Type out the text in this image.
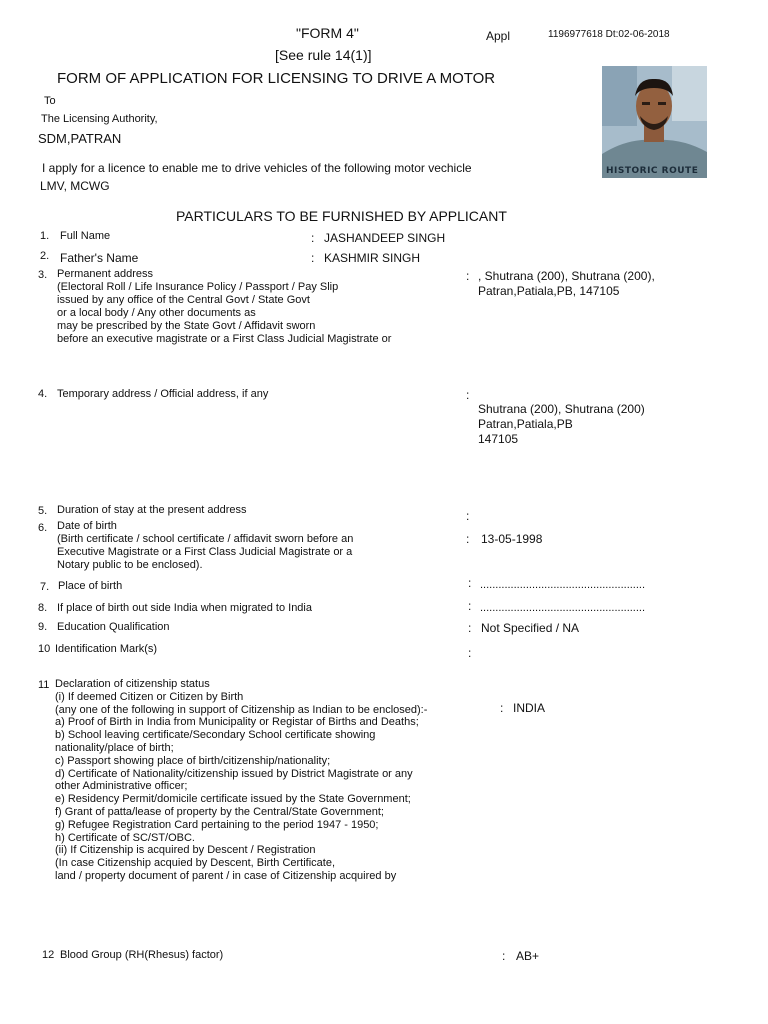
"FORM 4"
[See rule 14(1)]
Appl	1196977618 Dt:02-06-2018
FORM OF APPLICATION FOR LICENSING TO DRIVE A MOTOR
HISTORIC ROUTE
To
The Licensing Authority,
SDM,PATRAN
I apply for a licence to enable me to drive vehicles of the following motor vechicle
LMV, MCWG
PARTICULARS TO BE FURNISHED BY APPLICANT
1. Full Name	: JASHANDEEP SINGH
2. Father's Name	: KASHMIR SINGH
3. Permanent address
(Electoral Roll / Life Insurance Policy / Passport / Pay Slip
issued by any office of the Central Govt / State Govt
or a local body / Any other documents as
may be prescribed by the State Govt / Affidavit sworn
before an executive magistrate or a First Class Judicial Magistrate or
: , Shutrana (200), Shutrana (200),
Patran,Patiala,PB, 147105
4. Temporary address / Official address, if any	:
Shutrana (200), Shutrana (200)
Patran,Patiala,PB
147105
5. Duration of stay at the present address	:
6. Date of birth
(Birth certificate / school certificate / affidavit sworn before an
Executive Magistrate or a First Class Judicial Magistrate or a
Notary public to be enclosed).
: 13-05-1998
7. Place of birth	: ......................................................
8. If place of birth out side India when migrated to India	: ......................................................
9. Education Qualification	: Not Specified / NA
10 Identification Mark(s)	:
11 Declaration of citizenship status
(i) If deemed Citizen or Citizen by Birth
(any one of the following in support of Citizenship as Indian to be enclosed):-
a) Proof of Birth in India from Municipality or Registar of Births and Deaths;
b) School leaving certificate/Secondary School certificate showing
nationality/place of birth;
c) Passport showing place of birth/citizenship/nationality;
d) Certificate of Nationality/citizenship issued by District Magistrate or any
other Administrative officer;
e) Residency Permit/domicile certificate issued by the State Government;
f) Grant of patta/lease of property by the Central/State Government;
g) Refugee Registration Card pertaining to the period 1947 - 1950;
h) Certificate of SC/ST/OBC.
(ii) If Citizenship is acquired by Descent / Registration
(In case Citizenship acquied by Descent, Birth Certificate,
land / property document of parent / in case of Citizenship acquired by
: INDIA
12 Blood Group (RH(Rhesus) factor)	: AB+
